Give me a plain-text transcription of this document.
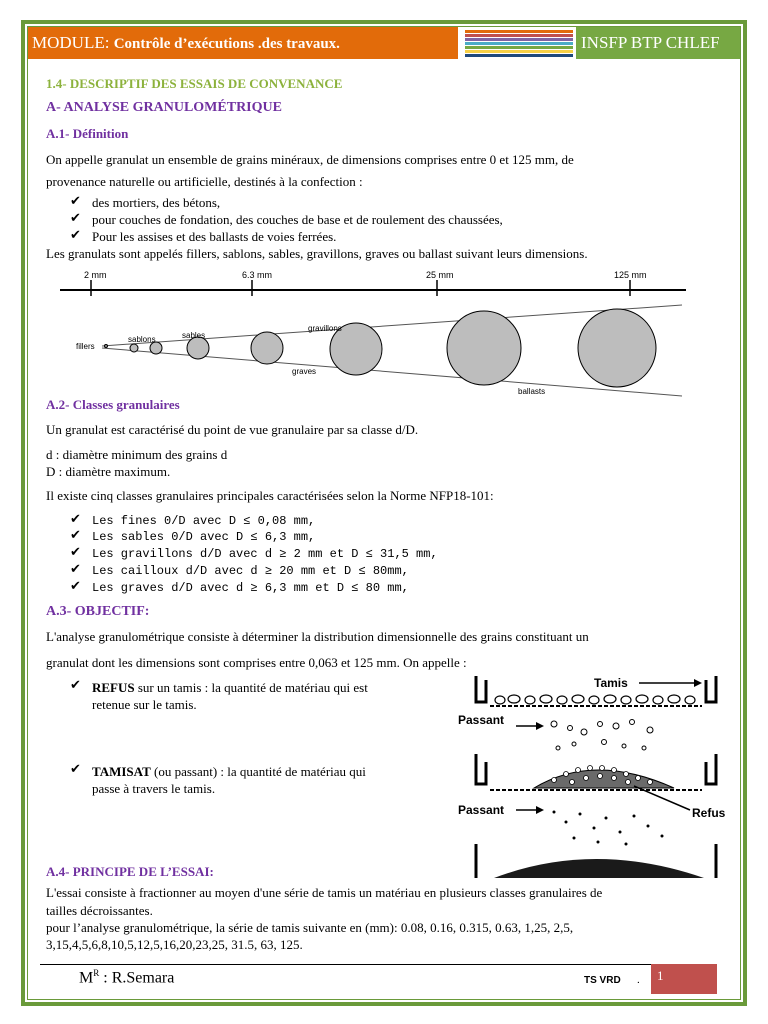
MODULE: Contrôle d’exécutions .des travaux.	INSFP BTP CHLEF
1.4- DESCRIPTIF DES ESSAIS DE CONVENANCE
A- ANALYSE GRANULOMÉTRIQUE
A.1- Définition
On appelle granulat un ensemble de grains minéraux, de dimensions comprises entre 0 et 125 mm, de
provenance naturelle ou artificielle, destinés à la confection :
✔ des mortiers, des bétons,
✔ pour couches de fondation, des couches de base et de roulement des chaussées,
✔ Pour les assises et des ballasts de voies ferrées.
Les granulats sont appelés fillers, sablons, sables, gravillons, graves ou ballast suivant leurs dimensions.
2 mm	6.3 mm	25 mm	125 mm
fillers
sablons	sables
gravillons
graves
ballasts
A.2- Classes granulaires
Un granulat est caractérisé du point de vue granulaire par sa classe d/D.
d : diamètre minimum des grains d
D : diamètre maximum.
Il existe cinq classes granulaires principales caractérisées selon la Norme NFP18-101:
✔ Les fines 0/D avec D ≤ 0,08 mm,
✔ Les sables 0/D avec D ≤ 6,3 mm,
✔ Les gravillons d/D avec d ≥ 2 mm et D ≤ 31,5 mm,
✔ Les cailloux d/D avec d ≥ 20 mm et D ≤ 80mm,
✔ Les graves d/D avec d ≥ 6,3 mm et D ≤ 80 mm,
A.3- OBJECTIF:
L'analyse granulométrique consiste à déterminer la distribution dimensionnelle des grains constituant un
granulat dont les dimensions sont comprises entre 0,063 et 125 mm. On appelle :
✔ REFUS sur un tamis : la quantité de matériau qui est
retenue sur le tamis.
✔ TAMISAT (ou passant) : la quantité de matériau qui
passe à travers le tamis.
Tamis
Passant
Passant	Refus
A.4- PRINCIPE DE L’ESSAI:
L'essai consiste à fractionner au moyen d'une série de tamis un matériau en plusieurs classes granulaires de
tailles décroissantes.
pour l’analyse granulométrique, la série de tamis suivante en (mm): 0.08, 0.16, 0.315, 0.63, 1,25, 2,5,
3,15,4,5,6,8,10,5,12,5,16,20,23,25, 31.5, 63, 125.
$M^R$ : R.Semara	TS VRD . 1
